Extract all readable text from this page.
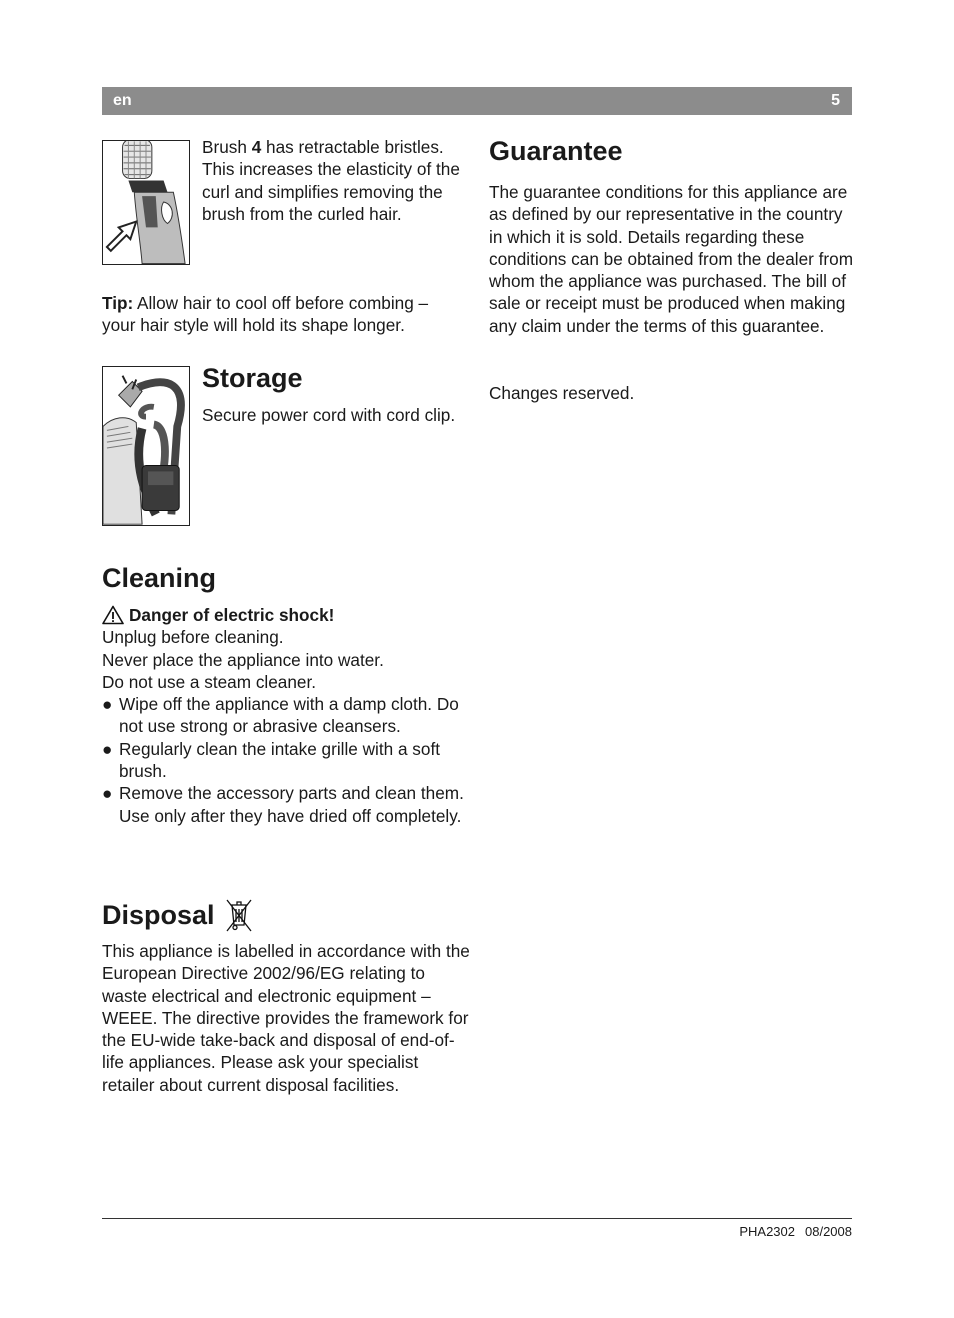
en	5
Brush 4 has retractable bristles. This increases the elasticity of the curl and simplifies removing the brush from the curled hair.
Tip: Allow hair to cool off before combing – your hair style will hold its shape longer.
Storage
Secure power cord with cord clip.
Cleaning
Danger of electric shock!
Unplug before cleaning.
Never place the appliance into water.
Do not use a steam cleaner.
● Wipe off the appliance with a damp cloth. Do not use strong or abrasive cleansers.
● Regularly clean the intake grille with a soft brush.
● Remove the accessory parts and clean them. Use only after they have dried off completely.
Disposal
This appliance is labelled in accordance with the European Directive 2002/96/EG relating to waste electrical and electronic equipment – WEEE. The directive provides the framework for the EU-wide take-back and disposal of end-of-life appliances. Please ask your specialist retailer about current disposal facilities.
Guarantee
The guarantee conditions for this appliance are as defined by our representative in the country in which it is sold. Details regarding these conditions can be obtained from the dealer from whom the appliance was purchased. The bill of sale or receipt must be produced when making any claim under the terms of this guarantee.
Changes reserved.
PHA2302 08/2008
